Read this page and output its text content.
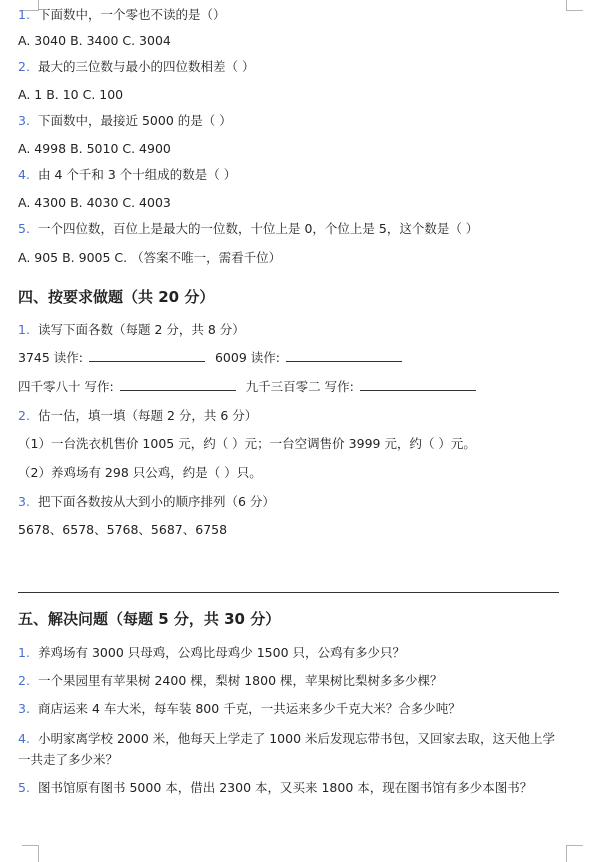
1. 下面数中，一个零也不读的是（）
A. 3040 B. 3400 C. 3004
2. 最大的三位数与最小的四位数相差（ ）
A. 1 B. 10 C. 100
3. 下面数中，最接近 5000 的是（ ）
A. 4998 B. 5010 C. 4900
4. 由 4 个千和 3 个十组成的数是（ ）
A. 4300 B. 4030 C. 4003
5. 一个四位数，百位上是最大的一位数，十位上是 0，个位上是 5，这个数是（ ）
A. 905 B. 9005 C. （答案不唯一，需看千位）
四、按要求做题（共 20 分）
1. 读写下面各数（每题 2 分，共 8 分）
3745 读作:	6009 读作:
四千零八十 写作:	九千三百零二 写作:
2. 估一估，填一填（每题 2 分，共 6 分）
（1）一台洗衣机售价 1005 元，约（ ）元；一台空调售价 3999 元，约（ ）元。
（2）养鸡场有 298 只公鸡，约是（ ）只。
3. 把下面各数按从大到小的顺序排列（6 分）
5678、6578、5768、5687、6758
五、解决问题（每题 5 分，共 30 分）
1. 养鸡场有 3000 只母鸡，公鸡比母鸡少 1500 只，公鸡有多少只？
2. 一个果园里有苹果树 2400 棵，梨树 1800 棵，苹果树比梨树多多少棵？
3. 商店运来 4 车大米，每车装 800 千克，一共运来多少千克大米？合多少吨？
4. 小明家离学校 2000 米，他每天上学走了 1000 米后发现忘带书包，又回家去取，这天他上学一共走了多少米？
5. 图书馆原有图书 5000 本，借出 2300 本，又买来 1800 本，现在图书馆有多少本图书？
